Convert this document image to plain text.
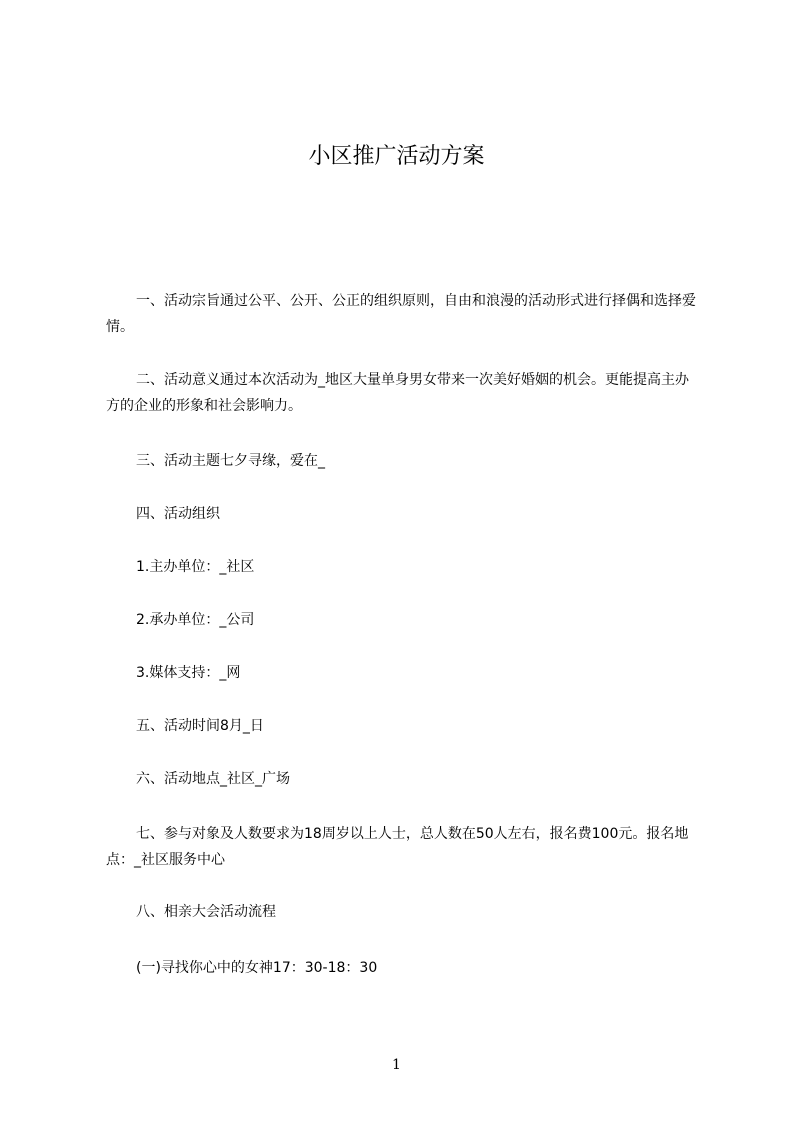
小区推广活动方案

一、活动宗旨通过公平、公开、公正的组织原则，自由和浪漫的活动形式进行择偶和选择爱情。

二、活动意义通过本次活动为_地区大量单身男女带来一次美好婚姻的机会。更能提高主办方的企业的形象和社会影响力。

三、活动主题七夕寻缘，爱在_

四、活动组织

1.主办单位：_社区

2.承办单位：_公司

3.媒体支持：_网

五、活动时间8月_日

六、活动地点_社区_广场

七、参与对象及人数要求为18周岁以上人士，总人数在50人左右，报名费100元。报名地点：_社区服务中心

八、相亲大会活动流程

(一)寻找你心中的女神17：30-18：30

1
